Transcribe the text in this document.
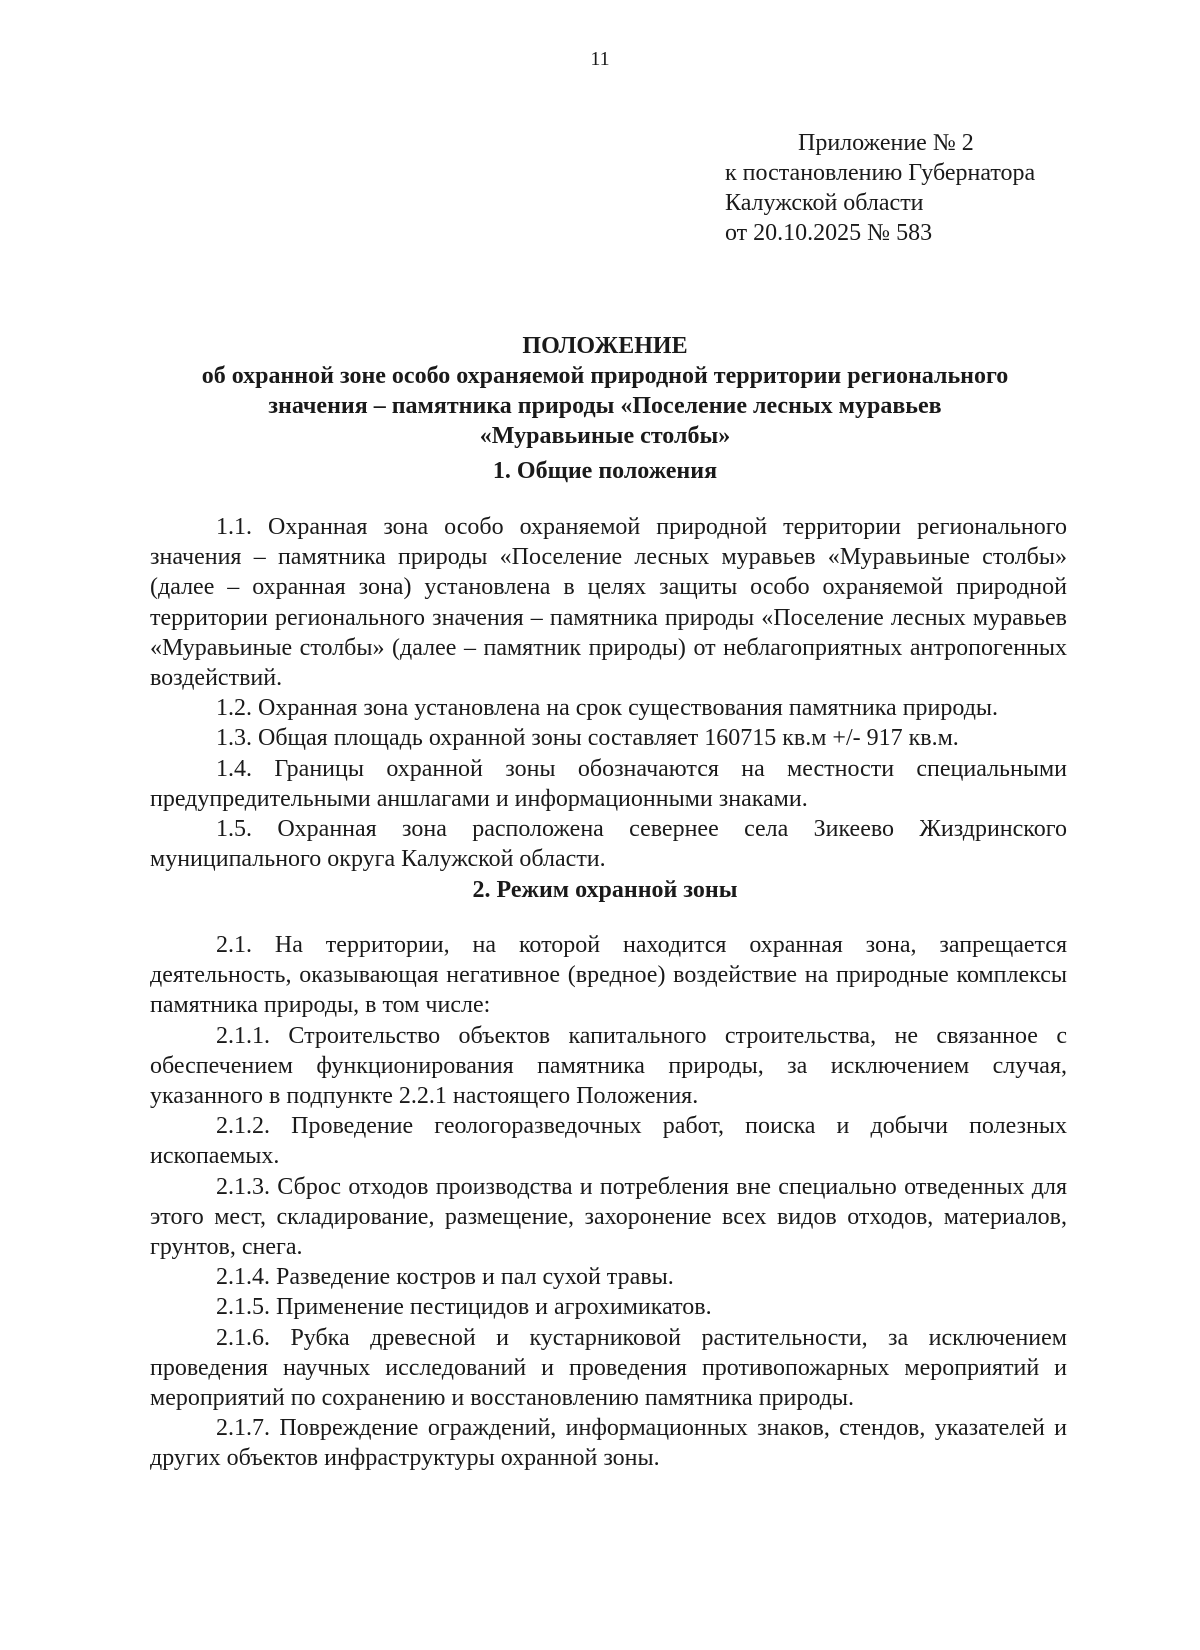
11
Приложение № 2
к постановлению Губернатора
Калужской области
от 20.10.2025 № 583
ПОЛОЖЕНИЕ
об охранной зоне особо охраняемой природной территории регионального
значения – памятника природы «Поселение лесных муравьев
«Муравьиные столбы»
1. Общие положения

1.1. Охранная зона особо охраняемой природной территории регионального значения – памятника природы «Поселение лесных муравьев «Муравьиные столбы» (далее – охранная зона) установлена в целях защиты особо охраняемой природной территории регионального значения – памятника природы «Поселение лесных муравьев «Муравьиные столбы» (далее – памятник природы) от неблагоприятных антропогенных воздействий.

1.2. Охранная зона установлена на срок существования памятника природы.

1.3. Общая площадь охранной зоны составляет 160715 кв.м +/- 917 кв.м.

1.4. Границы охранной зоны обозначаются на местности специальными предупредительными аншлагами и информационными знаками.

1.5. Охранная зона расположена севернее села Зикеево Жиздринского муниципального округа Калужской области.

2. Режим охранной зоны

2.1. На территории, на которой находится охранная зона, запрещается деятельность, оказывающая негативное (вредное) воздействие на природные комплексы памятника природы, в том числе:

2.1.1. Строительство объектов капитального строительства, не связанное с обеспечением функционирования памятника природы, за исключением случая, указанного в подпункте 2.2.1 настоящего Положения.

2.1.2. Проведение геологоразведочных работ, поиска и добычи полезных ископаемых.

2.1.3. Сброс отходов производства и потребления вне специально отведенных для этого мест, складирование, размещение, захоронение всех видов отходов, материалов, грунтов, снега.

2.1.4. Разведение костров и пал сухой травы.

2.1.5. Применение пестицидов и агрохимикатов.

2.1.6. Рубка древесной и кустарниковой растительности, за исключением проведения научных исследований и проведения противопожарных мероприятий и мероприятий по сохранению и восстановлению памятника природы.

2.1.7. Повреждение ограждений, информационных знаков, стендов, указателей и других объектов инфраструктуры охранной зоны.
